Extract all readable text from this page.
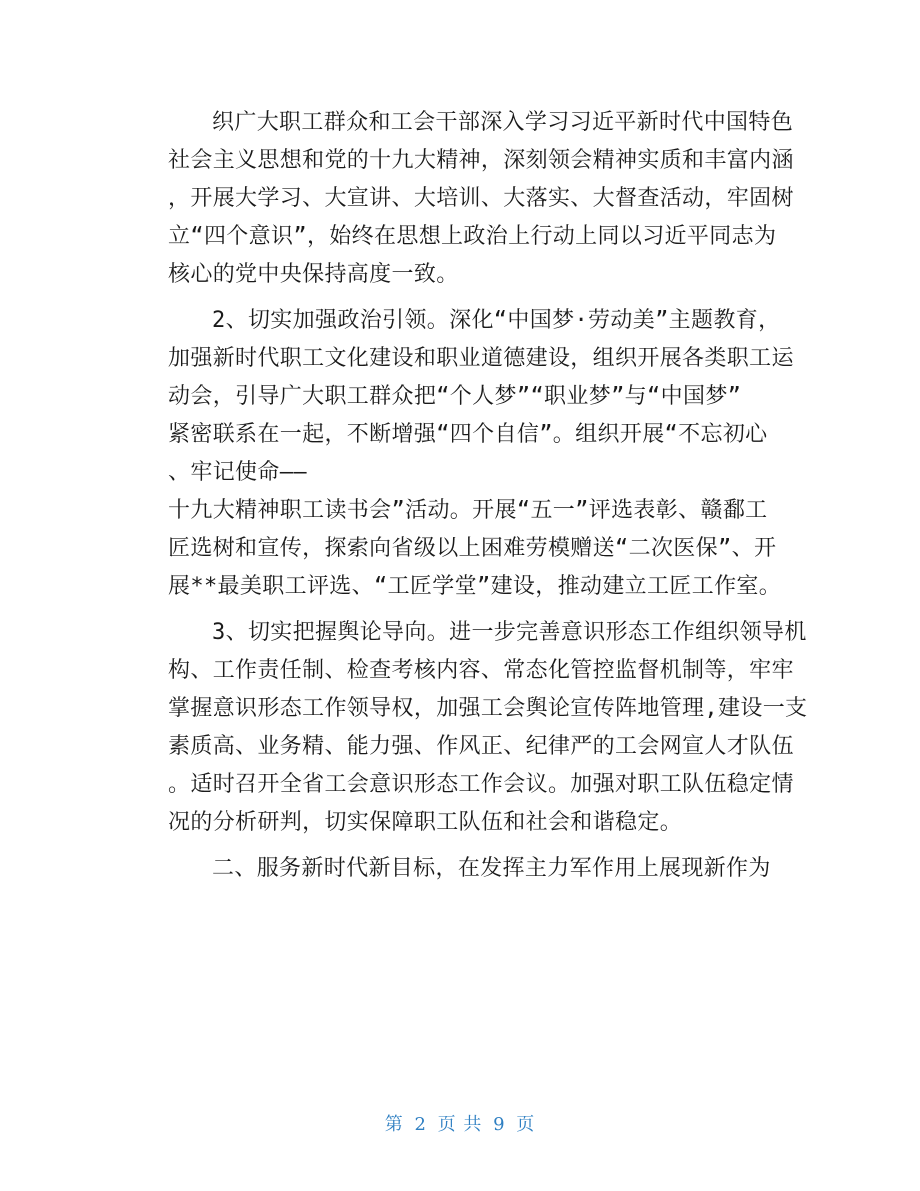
织广大职工群众和工会干部深入学习习近平新时代中国特色
社会主义思想和党的十九大精神，深刻领会精神实质和丰富内涵
，开展大学习、大宣讲、大培训、大落实、大督查活动，牢固树
立“四个意识”，始终在思想上政治上行动上同以习近平同志为
核心的党中央保持高度一致。
2、切实加强政治引领。深化“中国梦·劳动美”主题教育，
加强新时代职工文化建设和职业道德建设，组织开展各类职工运
动会，引导广大职工群众把“个人梦”“职业梦”与“中国梦”
紧密联系在一起，不断增强“四个自信”。组织开展“不忘初心
、牢记使命——
十九大精神职工读书会”活动。开展“五一”评选表彰、赣鄱工
匠选树和宣传，探索向省级以上困难劳模赠送“二次医保”、开
展**最美职工评选、“工匠学堂”建设，推动建立工匠工作室。
3、切实把握舆论导向。进一步完善意识形态工作组织领导机
构、工作责任制、检查考核内容、常态化管控监督机制等，牢牢
掌握意识形态工作领导权，加强工会舆论宣传阵地管理,建设一支
素质高、业务精、能力强、作风正、纪律严的工会网宣人才队伍
。适时召开全省工会意识形态工作会议。加强对职工队伍稳定情
况的分析研判，切实保障职工队伍和社会和谐稳定。
二、服务新时代新目标，在发挥主力军作用上展现新作为
第 2 页 共 9 页
